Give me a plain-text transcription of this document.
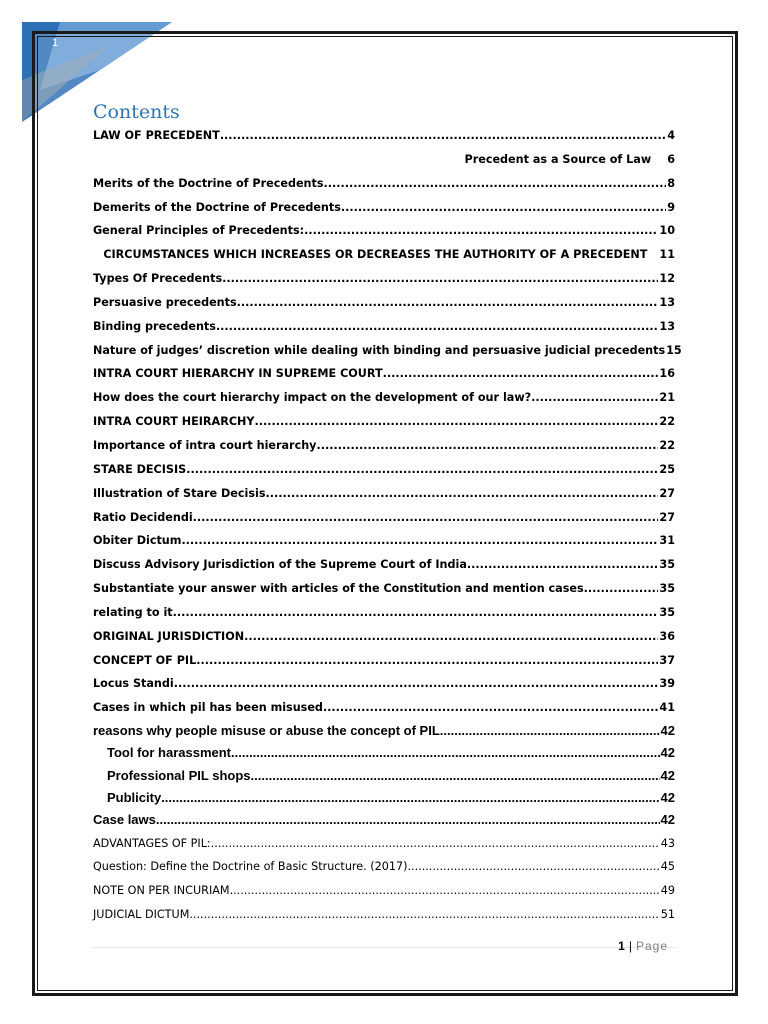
1
Contents
LAW OF PRECEDENT .....	4
Precedent as a Source of Law	6
Merits of the Doctrine of Precedents .....	8
Demerits of the Doctrine of Precedents .....	9
General Principles of Precedents: .....	10
CIRCUMSTANCES WHICH INCREASES OR DECREASES THE AUTHORITY OF A PRECEDENT	11
Types Of Precedents .....	12
Persuasive precedents .....	13
Binding precedents .....	13
Nature of judges’ discretion while dealing with binding and persuasive judicial precedents 15
INTRA COURT HIERARCHY IN SUPREME COURT .....	16
How does the court hierarchy impact on the development of our law? .....	21
INTRA COURT HEIRARCHY .....	22
Importance of intra court hierarchy .....	22
STARE DECISIS .....	25
Illustration of Stare Decisis .....	27
Ratio Decidendi .....	27
Obiter Dictum .....	31
Discuss Advisory Jurisdiction of the Supreme Court of India .....	35
Substantiate your answer with articles of the Constitution and mention cases .....	35
relating to it .....	35
ORIGINAL JURISDICTION .....	36
CONCEPT OF PIL .....	37
Locus Standi .....	39
Cases in which pil has been misused .....	41
reasons why people misuse or abuse the concept of PIL .....	42
Tool for harassment .....	42
Professional PIL shops .....	42
Publicity .....	42
Case laws .....	42
ADVANTAGES OF PIL: .....	43
Question: Define the Doctrine of Basic Structure. (2017) .....	45
NOTE ON PER INCURIAM .....	49
JUDICIAL DICTUM .....	51
1 | Page
